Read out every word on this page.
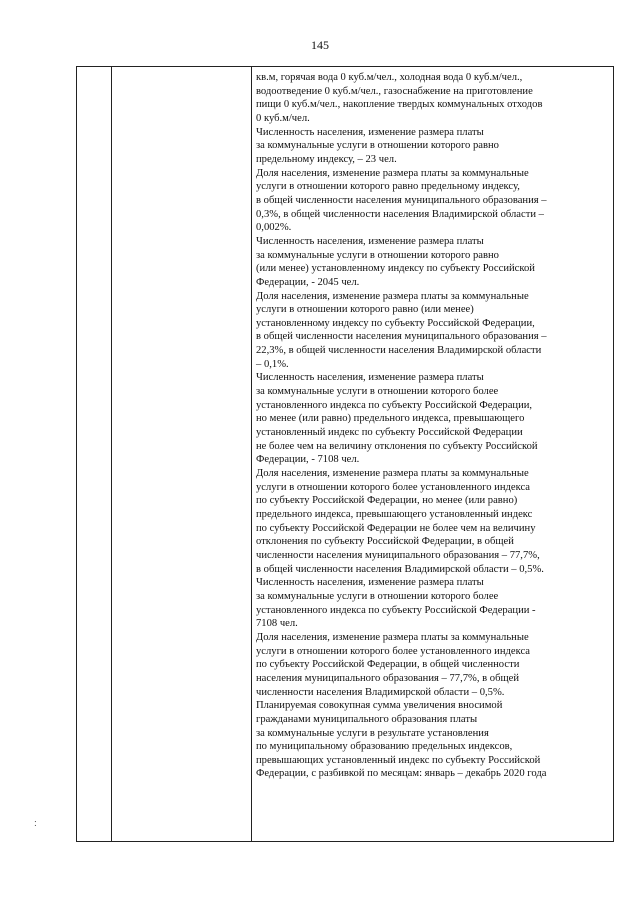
145
кв.м, горячая вода 0 куб.м/чел., холодная вода 0 куб.м/чел.,
водоотведение 0 куб.м/чел., газоснабжение на приготовление
пищи 0 куб.м/чел., накопление твердых коммунальных отходов
0 куб.м/чел.
Численность населения, изменение размера платы
за коммунальные услуги в отношении которого равно
предельному индексу, – 23 чел.
Доля населения, изменение размера платы за коммунальные
услуги в отношении которого равно предельному индексу,
в общей численности населения муниципального образования –
0,3%, в общей численности населения Владимирской области –
0,002%.
Численность населения, изменение размера платы
за коммунальные услуги в отношении которого равно
(или менее) установленному индексу по субъекту Российской
Федерации, - 2045 чел.
Доля населения, изменение размера платы за коммунальные
услуги в отношении которого равно (или менее)
установленному индексу по субъекту Российской Федерации,
в общей численности населения муниципального образования –
22,3%, в общей численности населения Владимирской области
– 0,1%.
Численность населения, изменение размера платы
за коммунальные услуги в отношении которого более
установленного индекса по субъекту Российской Федерации,
но менее (или равно) предельного индекса, превышающего
установленный индекс по субъекту Российской Федерации
не более чем на величину отклонения по субъекту Российской
Федерации, - 7108 чел.
Доля населения, изменение размера платы за коммунальные
услуги в отношении которого более установленного индекса
по субъекту Российской Федерации, но менее (или равно)
предельного индекса, превышающего установленный индекс
по субъекту Российской Федерации не более чем на величину
отклонения по субъекту Российской Федерации, в общей
численности населения муниципального образования – 77,7%,
в общей численности населения Владимирской области – 0,5%.
Численность населения, изменение размера платы
за коммунальные услуги в отношении которого более
установленного индекса по субъекту Российской Федерации -
7108 чел.
Доля населения, изменение размера платы за коммунальные
услуги в отношении которого более установленного индекса
по субъекту Российской Федерации, в общей численности
населения муниципального образования – 77,7%, в общей
численности населения Владимирской области – 0,5%.
Планируемая совокупная сумма увеличения вносимой
гражданами муниципального образования платы
за коммунальные услуги в результате установления
по муниципальному образованию предельных индексов,
превышающих установленный индекс по субъекту Российской
Федерации, с разбивкой по месяцам: январь – декабрь 2020 года
ː
